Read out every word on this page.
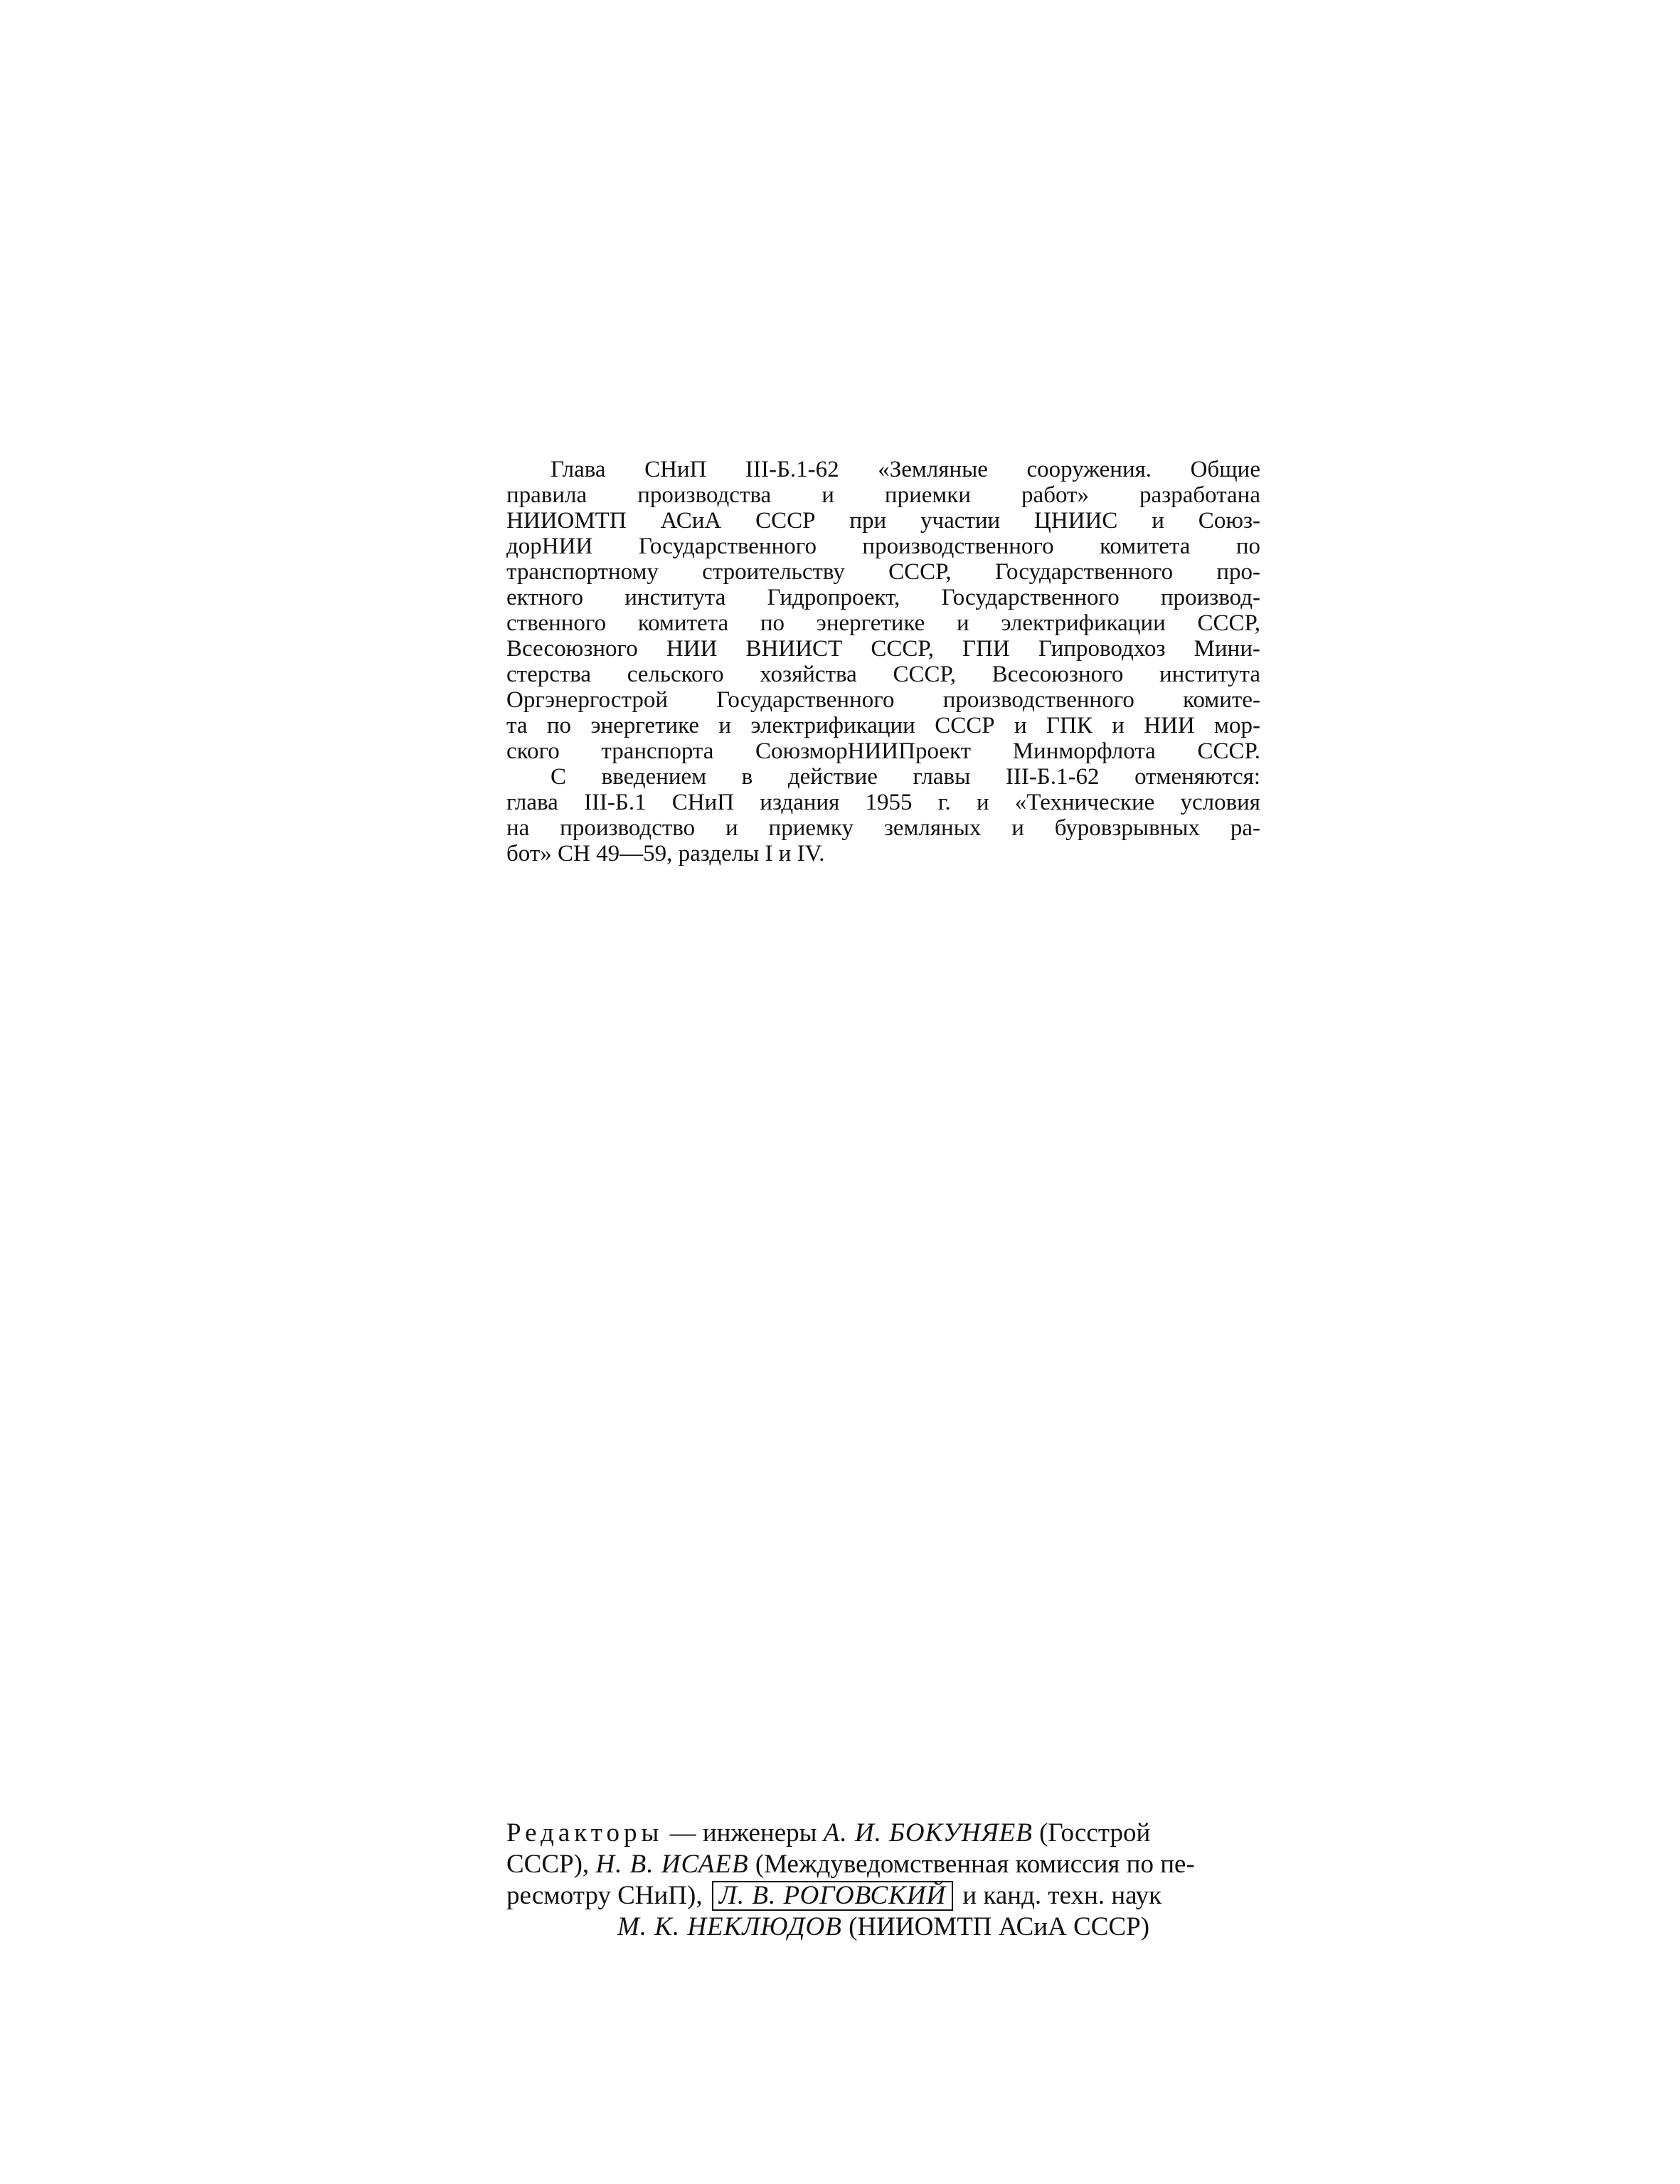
Глава СНиП III-Б.1-62 «Земляные сооружения. Общие
правила производства и приемки работ» разработана
НИИОМТП АСиА СССР при участии ЦНИИС и Союз-
дорНИИ Государственного производственного комитета по
транспортному строительству СССР, Государственного про-
ектного института Гидропроект, Государственного производ-
ственного комитета по энергетике и электрификации СССР,
Всесоюзного НИИ ВНИИСТ СССР, ГПИ Гипроводхоз Мини-
стерства сельского хозяйства СССР, Всесоюзного института
Оргэнергострой Государственного производственного комите-
та по энергетике и электрификации СССР и ГПК и НИИ мор-
ского транспорта СоюзморНИИПроект Минморфлота СССР.
С введением в действие главы III-Б.1-62 отменяются:
глава III-Б.1 СНиП издания 1955 г. и «Технические условия
на производство и приемку земляных и буровзрывных ра-
бот» СН 49—59, разделы I и IV.
Редакторы — инженеры А. И. БОКУНЯЕВ (Госстрой
СССР), Н. В. ИСАЕВ (Междуведомственная комиссия по пе-
ресмотру СНиП), Л. В. РОГОВСКИЙ и канд. техн. наук
М. К. НЕКЛЮДОВ (НИИОМТП АСиА СССР)
